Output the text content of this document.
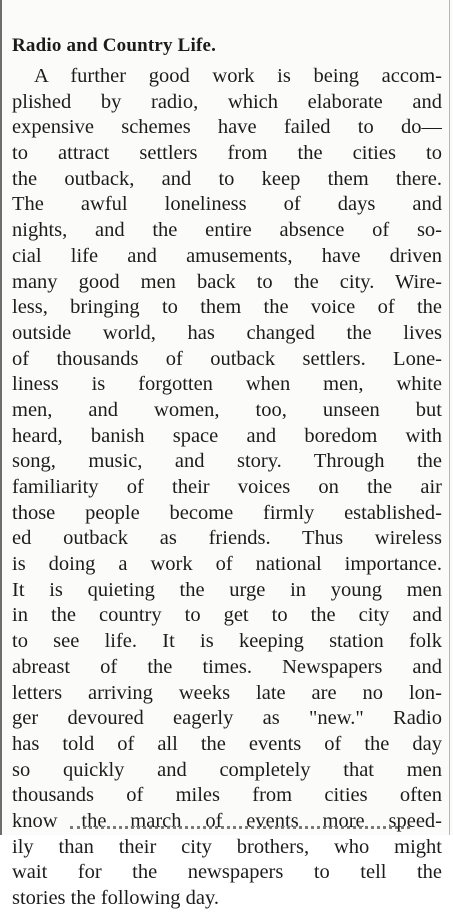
Radio and Country Life.
A further good work is being accom-
plished by radio, which elaborate and
expensive schemes have failed to do—
to attract settlers from the cities to
the outback, and to keep them there.
The awful loneliness of days and
nights, and the entire absence of so-
cial life and amusements, have driven
many good men back to the city. Wire-
less, bringing to them the voice of the
outside world, has changed the lives
of thousands of outback settlers. Lone-
liness is forgotten when men, white
men, and women, too, unseen but
heard, banish space and boredom with
song, music, and story. Through the
familiarity of their voices on the air
those people become firmly established-
ed outback as friends. Thus wireless
is doing a work of national importance.
It is quieting the urge in young men
in the country to get to the city and
to see life. It is keeping station folk
abreast of the times. Newspapers and
letters arriving weeks late are no lon-
ger devoured eagerly as "new." Radio
has told of all the events of the day
so quickly and completely that men
thousands of miles from cities often
know the march of events more speed-
ily than their city brothers, who might
wait for the newspapers to tell the
stories the following day.
